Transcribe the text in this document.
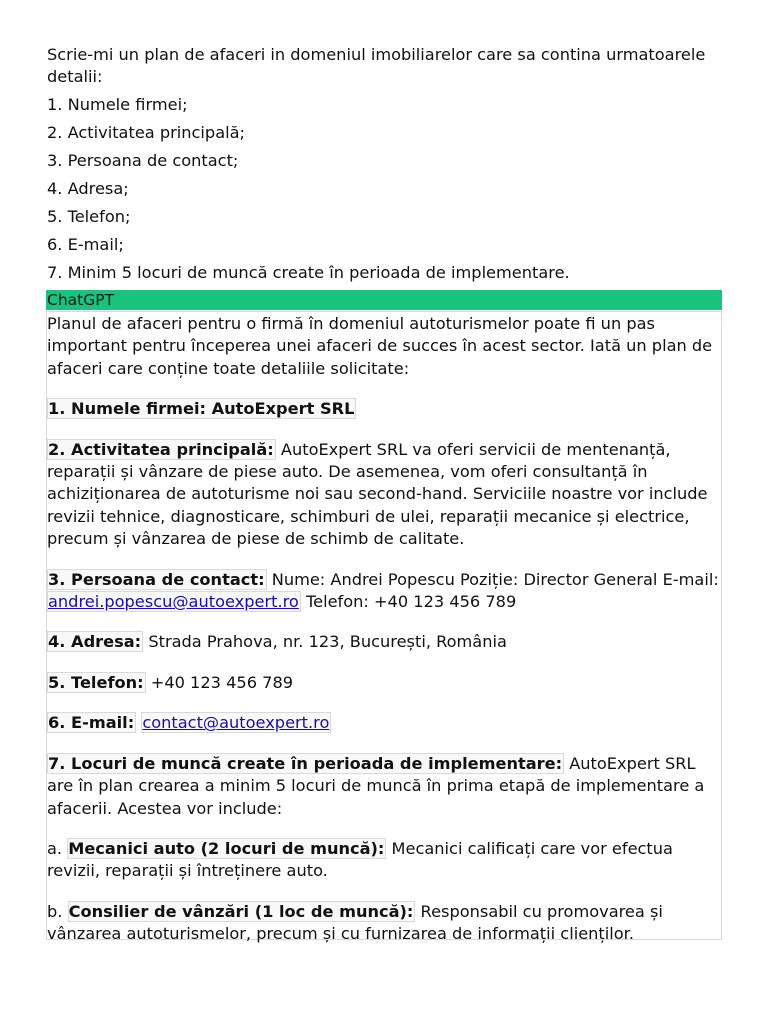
Scrie-mi un plan de afaceri in domeniul imobiliarelor care sa contina urmatoarele detalii:

1. Numele firmei;

2. Activitatea principală;

3. Persoana de contact;

4. Adresa;

5. Telefon;

6. E-mail;

7. Minim 5 locuri de muncă create în perioada de implementare.

ChatGPT

Planul de afaceri pentru o firmă în domeniul autoturismelor poate fi un pas important pentru începerea unei afaceri de succes în acest sector. Iată un plan de afaceri care conține toate detaliile solicitate:

1. Numele firmei: AutoExpert SRL

2. Activitatea principală: AutoExpert SRL va oferi servicii de mentenanță, reparații și vânzare de piese auto. De asemenea, vom oferi consultanță în achiziționarea de autoturisme noi sau second-hand. Serviciile noastre vor include revizii tehnice, diagnosticare, schimburi de ulei, reparații mecanice și electrice, precum și vânzarea de piese de schimb de calitate.

3. Persoana de contact: Nume: Andrei Popescu Poziție: Director General E-mail: andrei.popescu@autoexpert.ro Telefon: +40 123 456 789

4. Adresa: Strada Prahova, nr. 123, București, România

5. Telefon: +40 123 456 789

6. E-mail: contact@autoexpert.ro

7. Locuri de muncă create în perioada de implementare: AutoExpert SRL are în plan crearea a minim 5 locuri de muncă în prima etapă de implementare a afacerii. Acestea vor include:

a. Mecanici auto (2 locuri de muncă): Mecanici calificați care vor efectua revizii, reparații și întreținere auto.

b. Consilier de vânzări (1 loc de muncă): Responsabil cu promovarea și vânzarea autoturismelor, precum și cu furnizarea de informații clienților.
